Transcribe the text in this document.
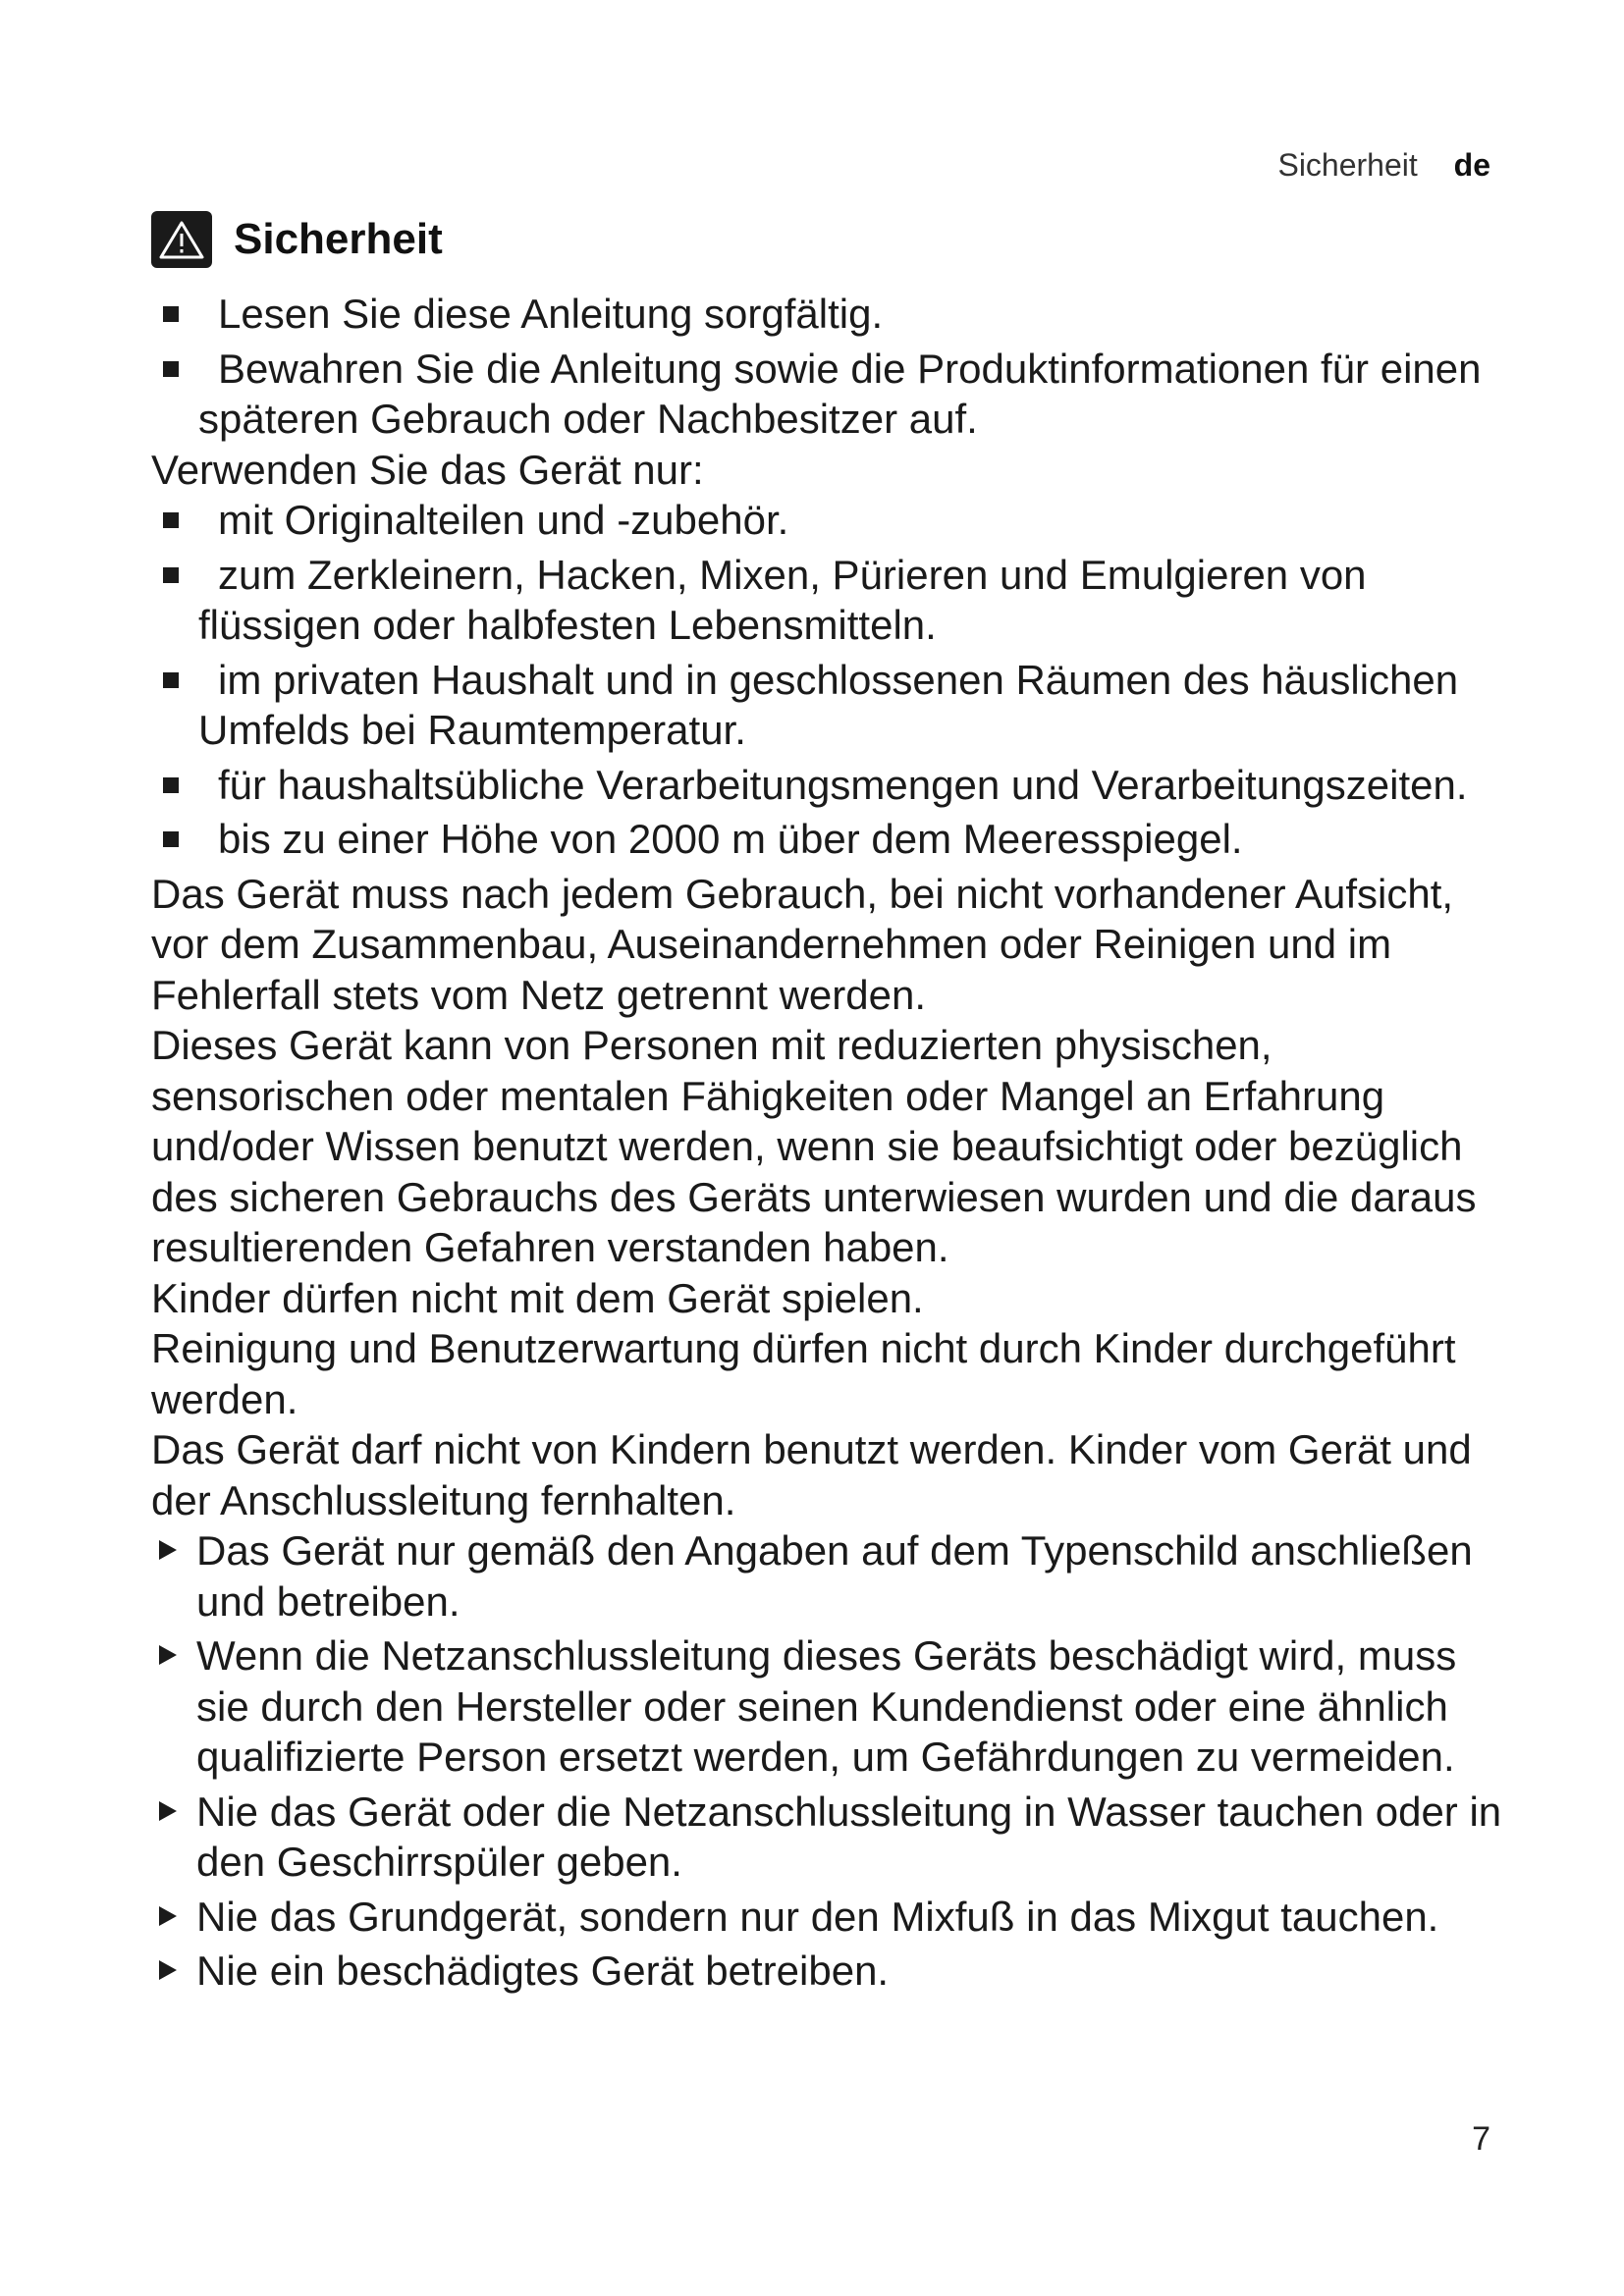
Sicherheit de
Sicherheit

Lesen Sie diese Anleitung sorgfältig.

Bewahren Sie die Anleitung sowie die Produktinformationen für einen späteren Gebrauch oder Nachbesitzer auf.

Verwenden Sie das Gerät nur:

mit Originalteilen und -zubehör.

zum Zerkleinern, Hacken, Mixen, Pürieren und Emulgieren von flüssigen oder halbfesten Lebensmitteln.

im privaten Haushalt und in geschlossenen Räumen des häuslichen Umfelds bei Raumtemperatur.

für haushaltsübliche Verarbeitungsmengen und Verarbeitungszeiten.

bis zu einer Höhe von 2000 m über dem Meeresspiegel.

Das Gerät muss nach jedem Gebrauch, bei nicht vorhandener Aufsicht, vor dem Zusammenbau, Auseinandernehmen oder Reinigen und im Fehlerfall stets vom Netz getrennt werden.

Dieses Gerät kann von Personen mit reduzierten physischen, sensorischen oder mentalen Fähigkeiten oder Mangel an Erfahrung und/oder Wissen benutzt werden, wenn sie beaufsichtigt oder bezüglich des sicheren Gebrauchs des Geräts unterwiesen wurden und die daraus resultierenden Gefahren verstanden haben.

Kinder dürfen nicht mit dem Gerät spielen.

Reinigung und Benutzerwartung dürfen nicht durch Kinder durchgeführt werden.

Das Gerät darf nicht von Kindern benutzt werden. Kinder vom Gerät und der Anschlussleitung fernhalten.

Das Gerät nur gemäß den Angaben auf dem Typenschild anschließen und betreiben.

Wenn die Netzanschlussleitung dieses Geräts beschädigt wird, muss sie durch den Hersteller oder seinen Kundendienst oder eine ähnlich qualifizierte Person ersetzt werden, um Gefährdungen zu vermeiden.

Nie das Gerät oder die Netzanschlussleitung in Wasser tauchen oder in den Geschirrspüler geben.

Nie das Grundgerät, sondern nur den Mixfuß in das Mixgut tauchen.

Nie ein beschädigtes Gerät betreiben.

7
